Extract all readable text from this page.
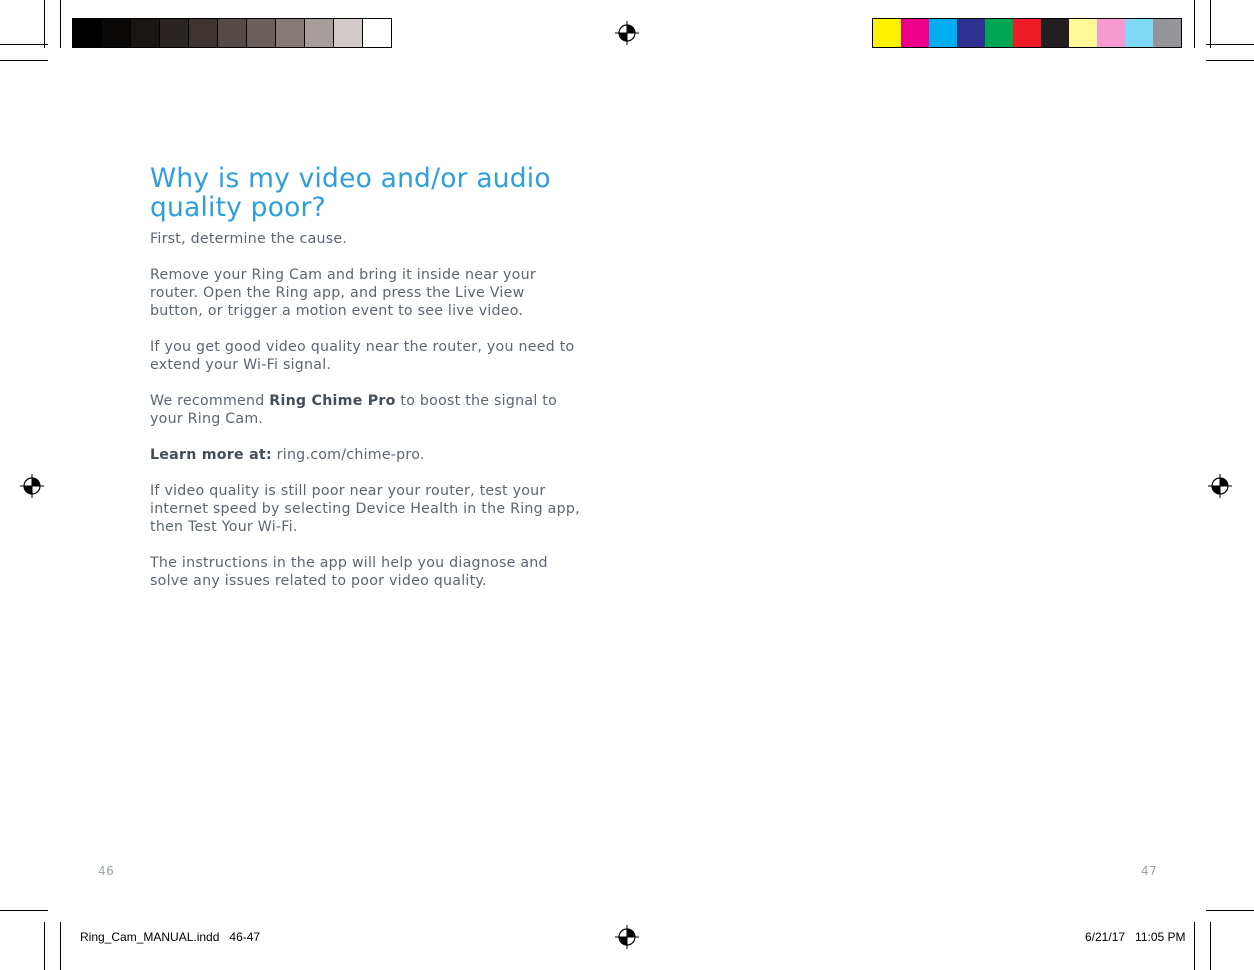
Why is my video and/or audio quality poor?

First, determine the cause.

Remove your Ring Cam and bring it inside near your router. Open the Ring app, and press the Live View button, or trigger a motion event to see live video.

If you get good video quality near the router, you need to extend your Wi-Fi signal.

We recommend Ring Chime Pro to boost the signal to your Ring Cam.

Learn more at: ring.com/chime-pro.

If video quality is still poor near your router, test your internet speed by selecting Device Health in the Ring app, then Test Your Wi-Fi.

The instructions in the app will help you diagnose and solve any issues related to poor video quality.

46	47
Ring_Cam_MANUAL.indd   46-47	6/21/17   11:05 PM
